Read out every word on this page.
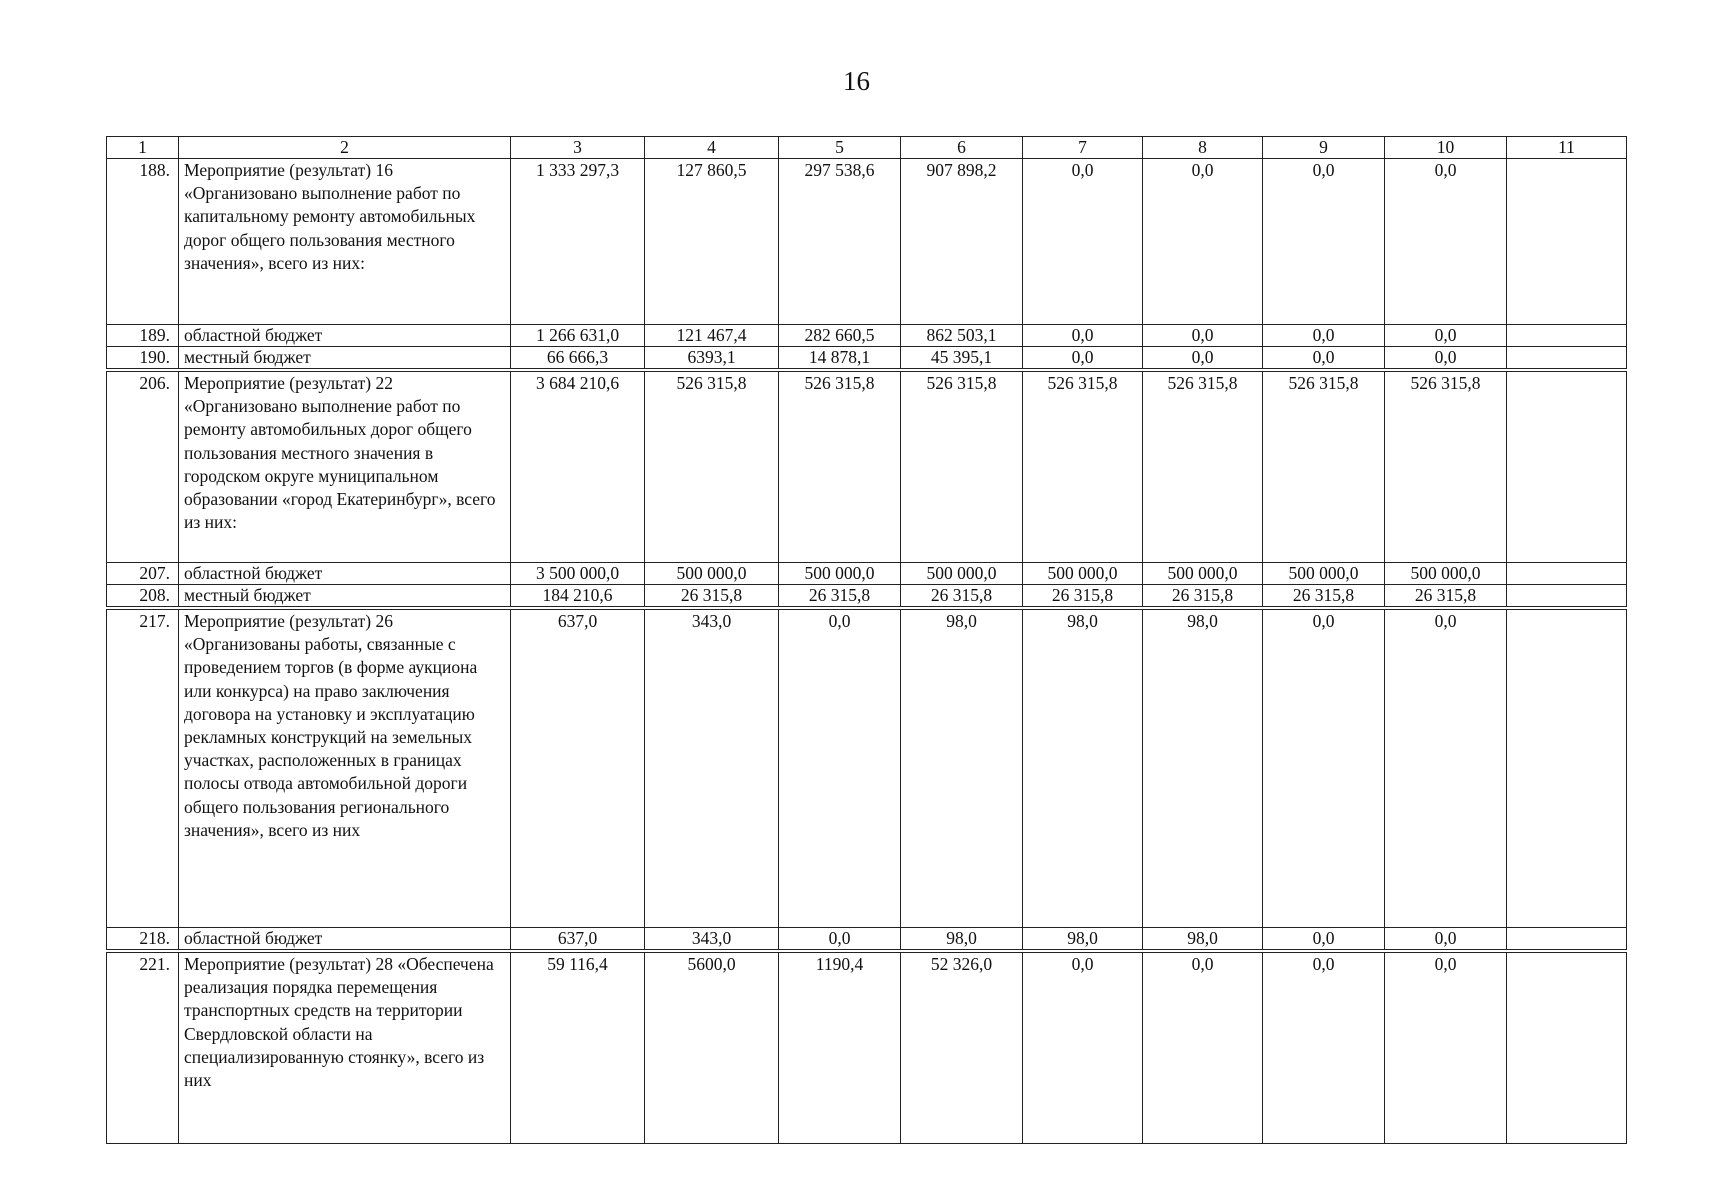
16
1	2	3	4	5	6	7	8	9	10	11
188.	Мероприятие (результат) 16 «Организовано выполнение работ по капитальному ремонту автомобильных дорог общего пользования местного значения», всего из них:	1 333 297,3	127 860,5	297 538,6	907 898,2	0,0	0,0	0,0	0,0	
189.	областной бюджет	1 266 631,0	121 467,4	282 660,5	862 503,1	0,0	0,0	0,0	0,0	
190.	местный бюджет	66 666,3	6393,1	14 878,1	45 395,1	0,0	0,0	0,0	0,0	

206.	Мероприятие (результат) 22 «Организовано выполнение работ по ремонту автомобильных дорог общего пользования местного значения в городском округе муниципальном образовании «город Екатеринбург», всего из них:	3 684 210,6	526 315,8	526 315,8	526 315,8	526 315,8	526 315,8	526 315,8	526 315,8	
207.	областной бюджет	3 500 000,0	500 000,0	500 000,0	500 000,0	500 000,0	500 000,0	500 000,0	500 000,0	
208.	местный бюджет	184 210,6	26 315,8	26 315,8	26 315,8	26 315,8	26 315,8	26 315,8	26 315,8	

217.	Мероприятие (результат) 26 «Организованы работы, связанные с проведением торгов (в форме аукциона или конкурса) на право заключения договора на установку и эксплуатацию рекламных конструкций на земельных участках, расположенных в границах полосы отвода автомобильной дороги общего пользования регионального значения», всего из них	637,0	343,0	0,0	98,0	98,0	98,0	0,0	0,0	
218.	областной бюджет	637,0	343,0	0,0	98,0	98,0	98,0	0,0	0,0	

221.	Мероприятие (результат) 28 «Обеспечена реализация порядка перемещения транспортных средств на территории Свердловской области на специализированную стоянку», всего из них	59 116,4	5600,0	1190,4	52 326,0	0,0	0,0	0,0	0,0	
